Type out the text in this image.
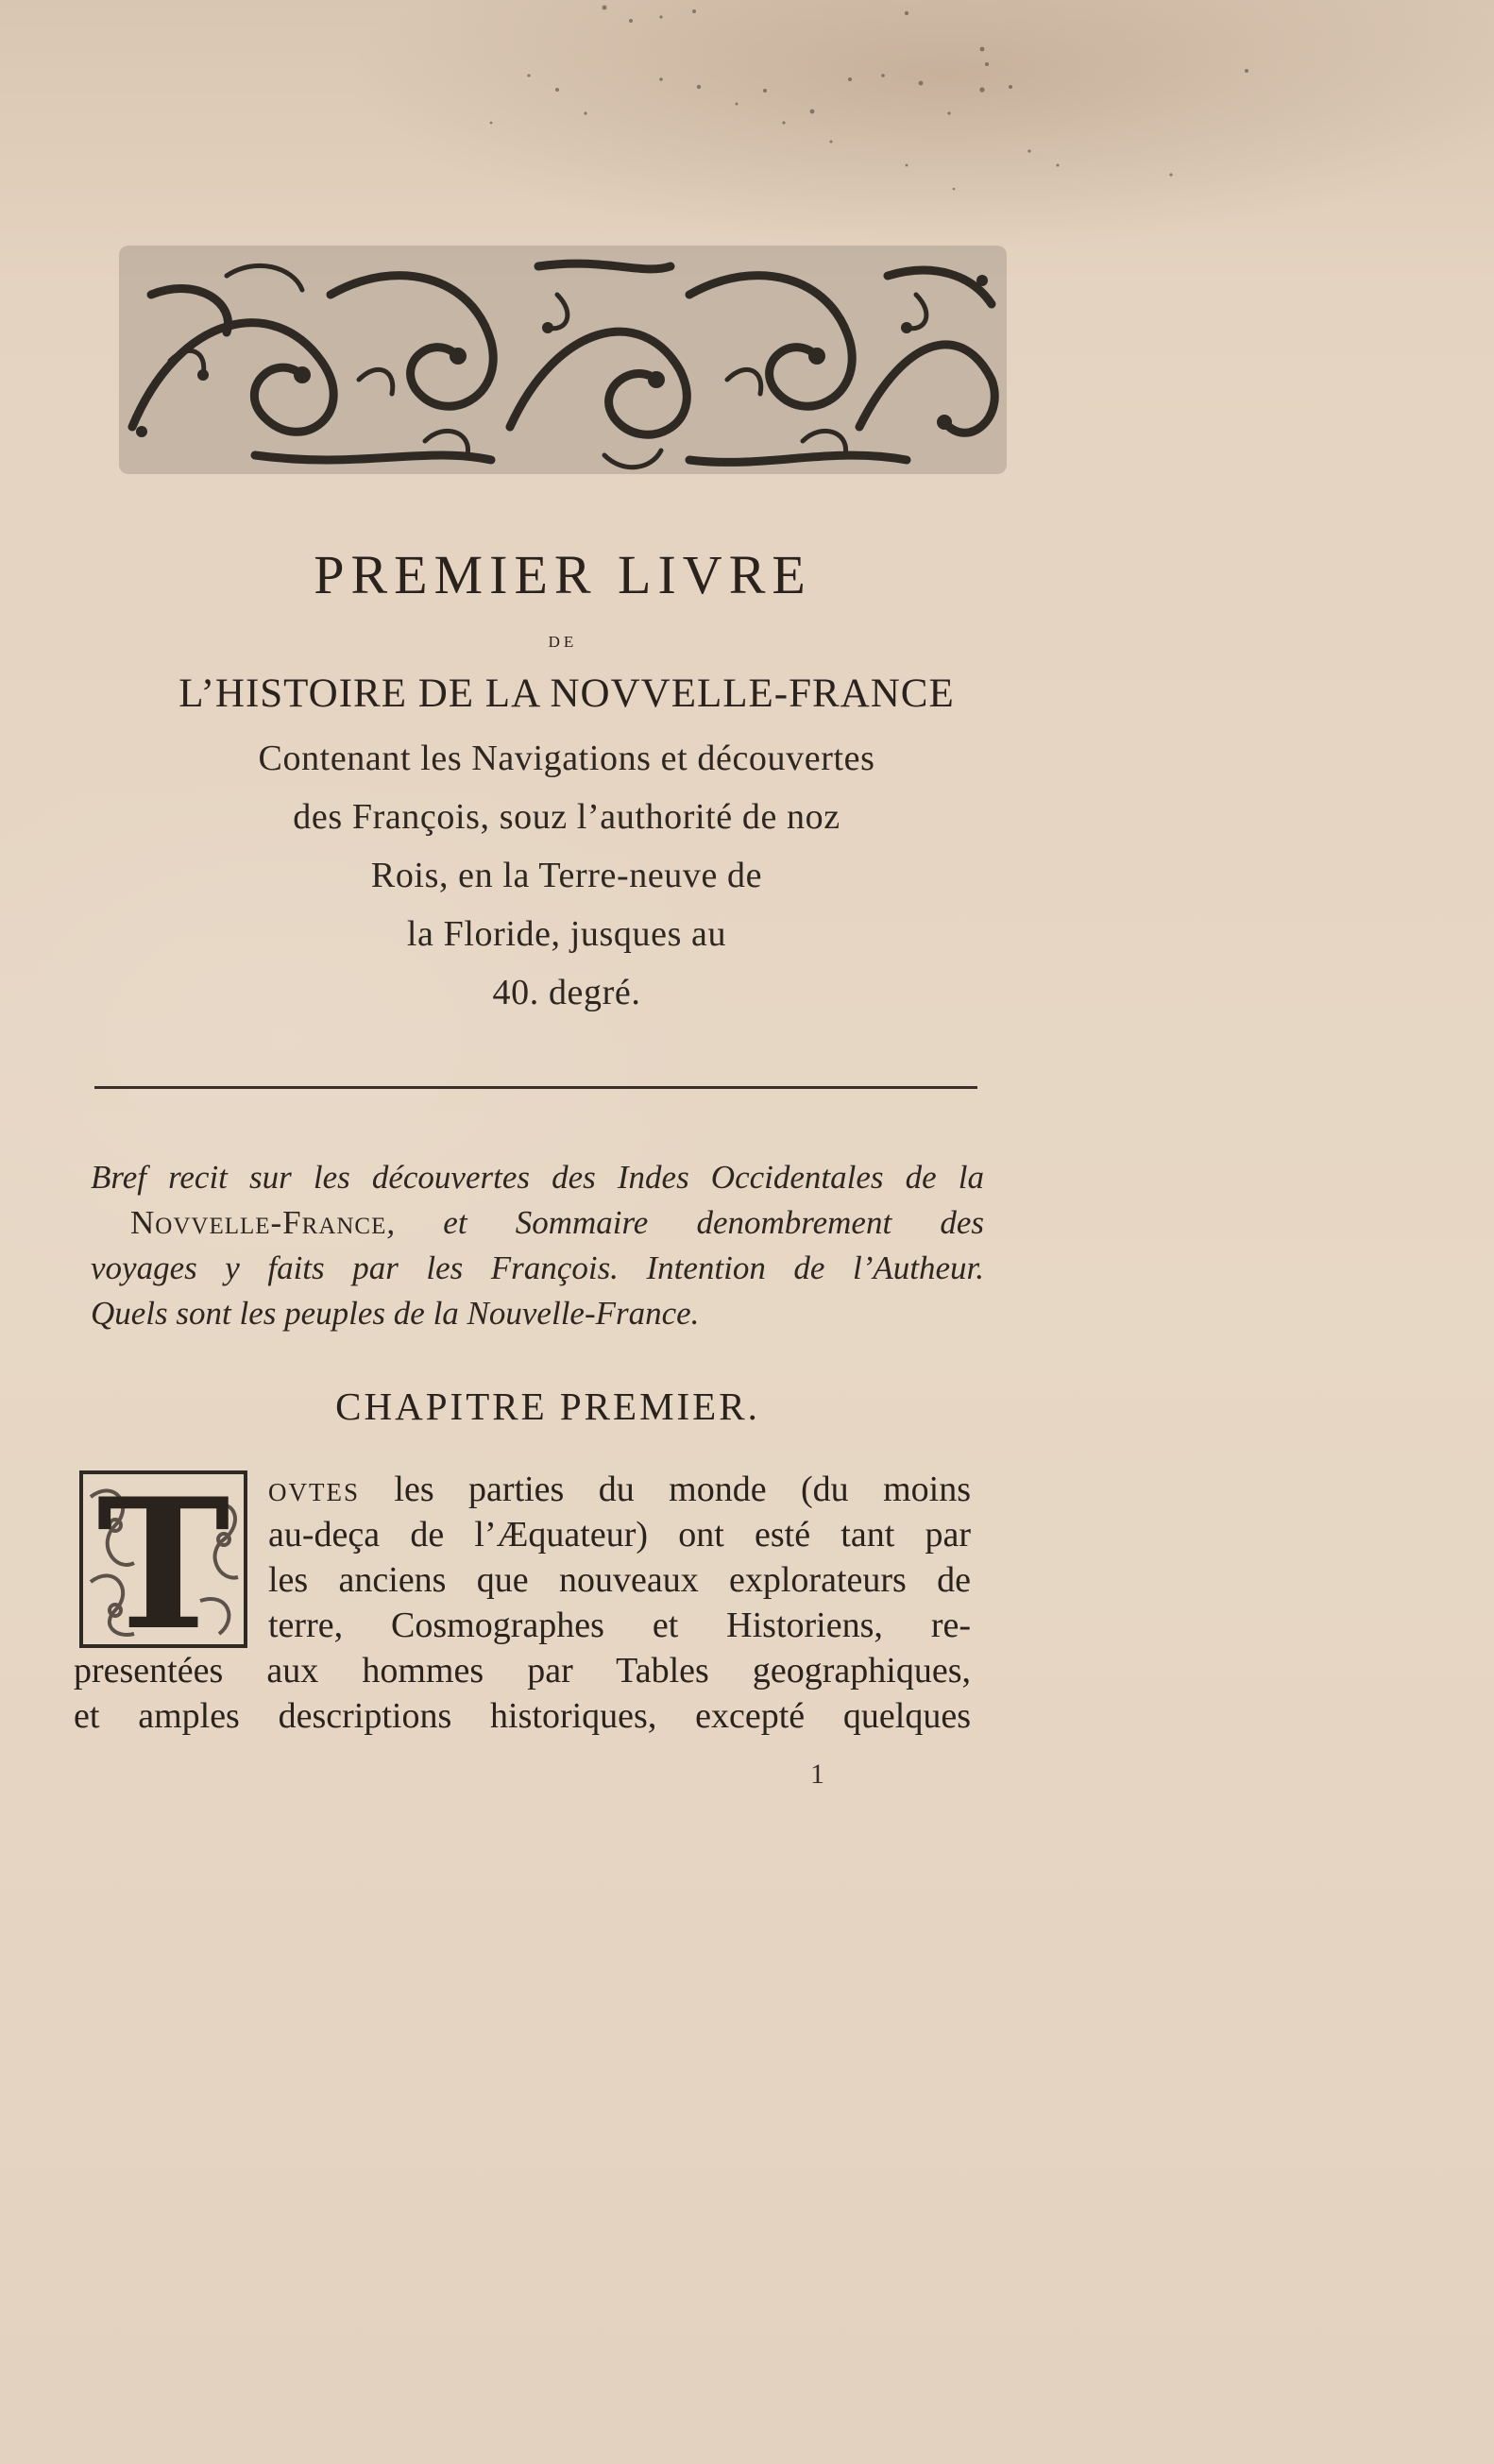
PREMIER LIVRE
DE
L’HISTOIRE DE LA NOVVELLE-FRANCE
Contenant les Navigations et découvertes
des François, souz l’authorité de noz
Rois, en la Terre-neuve de
la Floride, jusques au
40. degré.
Bref recit sur les découvertes des Indes Occidentales de la
Novvelle-France, et Sommaire denombrement des
voyages y faits par les François. Intention de l’Autheur.
Quels sont les peuples de la Nouvelle-France.
CHAPITRE PREMIER.
T ovtes les parties du monde (du moins
au-deça de l’Æquateur) ont esté tant par
les anciens que nouveaux explorateurs de
terre, Cosmographes et Historiens, re-
presentées aux hommes par Tables geographiques,
et amples descriptions historiques, excepté quelques
1
